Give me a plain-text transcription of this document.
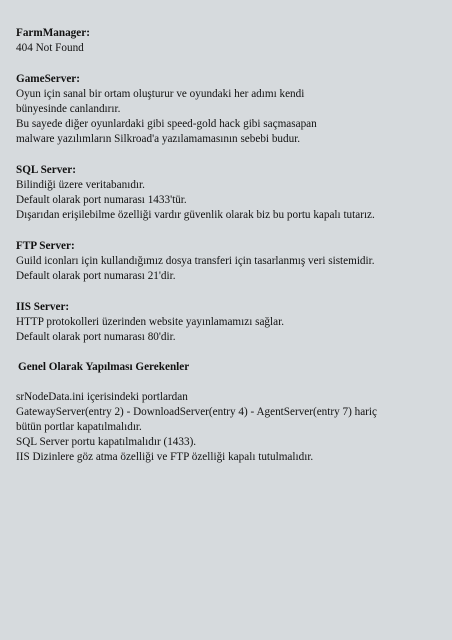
FarmManager:
404 Not Found
GameServer:
Oyun için sanal bir ortam oluşturur ve oyundaki her adımı kendi
bünyesinde canlandırır.
Bu sayede diğer oyunlardaki gibi speed-gold hack gibi saçmasapan
malware yazılımların Silkroad'a yazılamamasının sebebi budur.
SQL Server:
Bilindiği üzere veritabanıdır.
Default olarak port numarası 1433'tür.
Dışarıdan erişilebilme özelliği vardır güvenlik olarak biz bu portu kapalı tutarız.
FTP Server:
Guild iconları için kullandığımız dosya transferi için tasarlanmış veri sistemidir.
Default olarak port numarası 21'dir.
IIS Server:
HTTP protokolleri üzerinden website yayınlamamızı sağlar.
Default olarak port numarası 80'dir.
Genel Olarak Yapılması Gerekenler
srNodeData.ini içerisindeki portlardan
GatewayServer(entry 2) - DownloadServer(entry 4) - AgentServer(entry 7) hariç
bütün portlar kapatılmalıdır.
SQL Server portu kapatılmalıdır (1433).
IIS Dizinlere göz atma özelliği ve FTP özelliği kapalı tutulmalıdır.
